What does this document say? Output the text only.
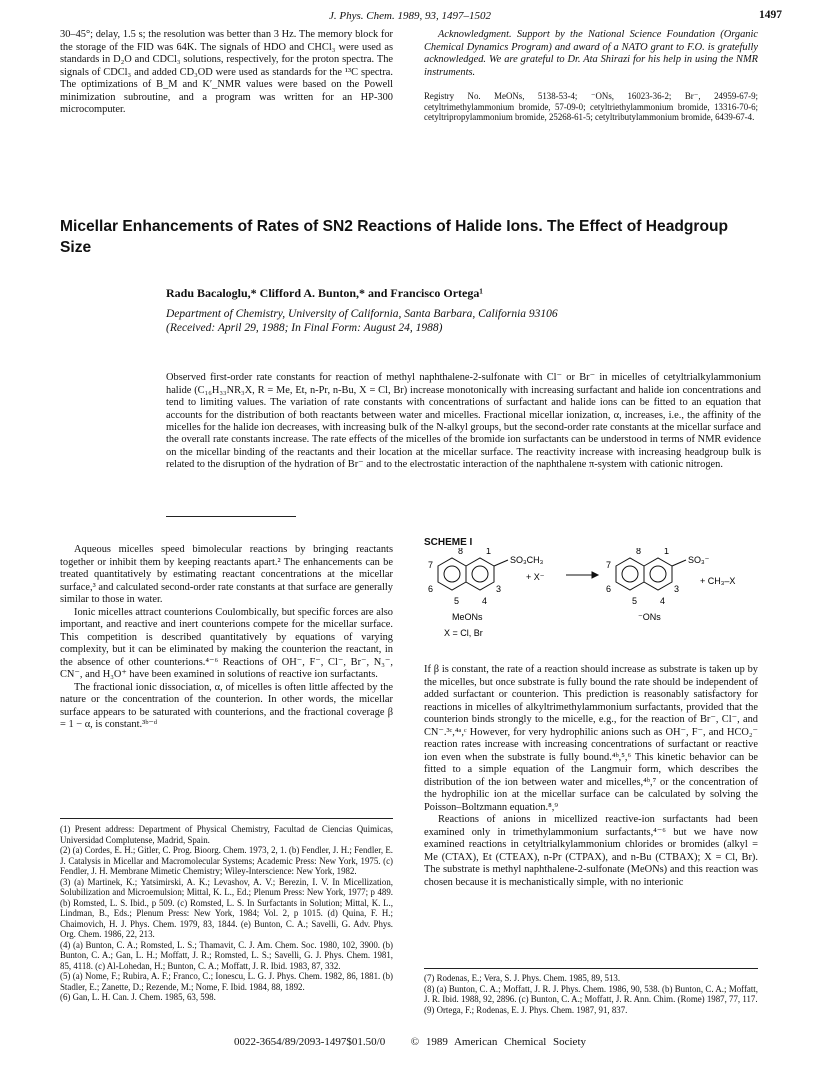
J. Phys. Chem. 1989, 93, 1497–1502	1497

30–45°; delay, 1.5 s; the resolution was better than 3 Hz. The memory block for the storage of the FID was 64K. The signals of HDO and CHCl₃ were used as standards in D₂O and CDCl₃ solutions, respectively, for the proton spectra. The signals of CDCl₃ and added CD₃OD were used as standards for the ¹³C spectra. The optimizations of B_M and K′_NMR values were based on the Powell minimization subroutine, and a program was written for an HP-300 microcomputer.

Acknowledgment. Support by the National Science Foundation (Organic Chemical Dynamics Program) and award of a NATO grant to F.O. is gratefully acknowledged. We are grateful to Dr. Ata Shirazi for his help in using the NMR instruments.

Registry No. MeONs, 5138-53-4; ⁻ONs, 16023-36-2; Br⁻, 24959-67-9; cetyltrimethylammonium bromide, 57-09-0; cetyltriethylammonium bromide, 13316-70-6; cetyltripropylammonium bromide, 25268-61-5; cetyltributylammonium bromide, 6439-67-4.

Micellar Enhancements of Rates of SN2 Reactions of Halide Ions. The Effect of Headgroup Size
Radu Bacaloglu,* Clifford A. Bunton,* and Francisco Ortega¹
Department of Chemistry, University of California, Santa Barbara, California 93106
(Received: April 29, 1988; In Final Form: August 24, 1988)

Observed first-order rate constants for reaction of methyl naphthalene-2-sulfonate with Cl⁻ or Br⁻ in micelles of cetyltrialkylammonium halide (C₁₆H₃₃NR₃X, R = Me, Et, n-Pr, n-Bu, X = Cl, Br) increase monotonically with increasing surfactant and halide ion concentrations and tend to limiting values. The variation of rate constants with concentrations of surfactant and halide ions can be fitted to an equation that accounts for the distribution of both reactants between water and micelles. Fractional micellar ionization, α, increases, i.e., the affinity of the micelles for the halide ion decreases, with increasing bulk of the N-alkyl groups, but the second-order rate constants at the micellar surface and the overall rate constants increase. The rate effects of the micelles of the bromide ion surfactants can be understood in terms of NMR evidence on the micellar binding of the reactants and their location at the micellar surface. The reactivity increase with increasing headgroup bulk is related to the disruption of the hydration of Br⁻ and to the electrostatic interaction of the naphthalene π-system with cationic nitrogen.

Aqueous micelles speed bimolecular reactions by bringing reactants together or inhibit them by keeping reactants apart.² The enhancements can be treated quantitatively by estimating reactant concentrations at the micellar surface,³ and calculated second-order rate constants at that surface are generally similar to those in water.

Ionic micelles attract counterions Coulombically, but specific forces are also important, and reactive and inert counterions compete for the micellar surface. This competition is described quantitatively by equations of varying complexity, but it can be eliminated by making the counterion the reactant, in the absence of other counterions.⁴⁻⁶ Reactions of OH⁻, F⁻, Cl⁻, Br⁻, N₃⁻, CN⁻, and H₃O⁺ have been examined in solutions of reactive ion surfactants.

The fractional ionic dissociation, α, of micelles is often little affected by the nature or the concentration of the counterion. In other words, the micellar surface appears to be saturated with counterions, and the fractional coverage β = 1 − α, is constant.³ᵇ⁻ᵈ

(1) Present address: Department of Physical Chemistry, Facultad de Ciencias Quimicas, Universidad Complutense, Madrid, Spain.

(2) (a) Cordes, E. H.; Gitler, C. Prog. Bioorg. Chem. 1973, 2, 1. (b) Fendler, J. H.; Fendler, E. J. Catalysis in Micellar and Macromolecular Systems; Academic Press: New York, 1975. (c) Fendler, J. H. Membrane Mimetic Chemistry; Wiley-Interscience: New York, 1982.

(3) (a) Martinek, K.; Yatsimirski, A. K.; Levashov, A. V.; Berezin, I. V. In Micellization, Solubilization and Microemulsion; Mittal, K. L., Ed.; Plenum Press: New York, 1977; p 489. (b) Romsted, L. S. Ibid., p 509. (c) Romsted, L. S. In Surfactants in Solution; Mittal, K. L., Lindman, B., Eds.; Plenum Press: New York, 1984; Vol. 2, p 1015. (d) Quina, F. H.; Chaimovich, H. J. Phys. Chem. 1979, 83, 1844. (e) Bunton, C. A.; Savelli, G. Adv. Phys. Org. Chem. 1986, 22, 213.

(4) (a) Bunton, C. A.; Romsted, L. S.; Thamavit, C. J. Am. Chem. Soc. 1980, 102, 3900. (b) Bunton, C. A.; Gan, L. H.; Moffatt, J. R.; Romsted, L. S.; Savelli, G. J. Phys. Chem. 1981, 85, 4118. (c) Al-Lohedan, H.; Bunton, C. A.; Moffatt, J. R. Ibid. 1983, 87, 332.

(5) (a) Nome, F.; Rubira, A. F.; Franco, C.; Ionescu, L. G. J. Phys. Chem. 1982, 86, 1881. (b) Stadler, E.; Zanette, D.; Rezende, M.; Nome, F. Ibid. 1984, 88, 1892.

(6) Gan, L. H. Can. J. Chem. 1985, 63, 598.

SCHEME I
8	1
7
6
5	4
3
SO₃CH₃
+ X⁻
8	1
7
6
5	4
3
SO₃⁻
+ CH₃–X
MeONs
X = Cl, Br
⁻ONs

If β is constant, the rate of a reaction should increase as substrate is taken up by the micelles, but once substrate is fully bound the rate should be independent of added surfactant or counterion. This prediction is reasonably satisfactory for reactions in micelles of alkyltrimethylammonium surfactants, provided that the counterion binds strongly to the micelle, e.g., for the reaction of Br⁻, Cl⁻, and CN⁻.³ᶜ,⁴ᵃ,ᶜ However, for very hydrophilic anions such as OH⁻, F⁻, and HCO₂⁻ reaction rates increase with increasing concentrations of surfactant or reactive ion even when the substrate is fully bound.⁴ᵇ,⁵,⁶ This kinetic behavior can be fitted to a simple equation of the Langmuir form, which describes the distribution of the ion between water and micelles,⁴ᵇ,⁷ or the concentration of the hydrophilic ion at the micellar surface can be calculated by solving the Poisson–Boltzmann equation.⁸,⁹

Reactions of anions in micellized reactive-ion surfactants had been examined only in trimethylammonium surfactants,⁴⁻⁶ but we have now examined reactions in cetyltrialkylammonium chlorides or bromides (alkyl = Me (CTAX), Et (CTEAX), n-Pr (CTPAX), and n-Bu (CTBAX); X = Cl, Br). The substrate is methyl naphthalene-2-sulfonate (MeONs) and this reaction was chosen because it is mechanistically simple, with no interionic

(7) Rodenas, E.; Vera, S. J. Phys. Chem. 1985, 89, 513.

(8) (a) Bunton, C. A.; Moffatt, J. R. J. Phys. Chem. 1986, 90, 538. (b) Bunton, C. A.; Moffatt, J. R. Ibid. 1988, 92, 2896. (c) Bunton, C. A.; Moffatt, J. R. Ann. Chim. (Rome) 1987, 77, 117.

(9) Ortega, F.; Rodenas, E. J. Phys. Chem. 1987, 91, 837.

0022-3654/89/2093-1497$01.50/0 © 1989 American Chemical Society
